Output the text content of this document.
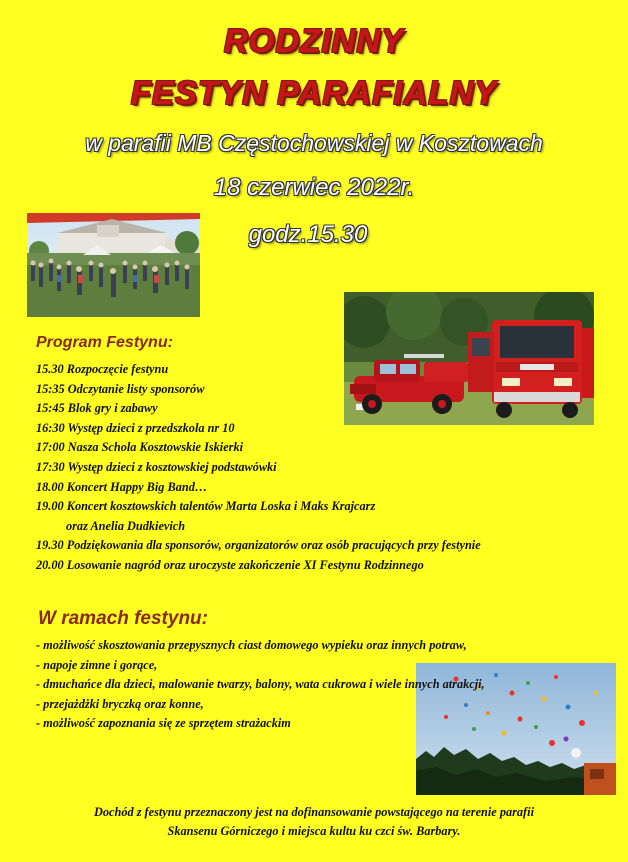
RODZINNY
FESTYN PARAFIALNY
w parafii MB Częstochowskiej w Kosztowach
18 czerwiec 2022r.
godz.15.30
Program Festynu:
15.30 Rozpoczęcie festynu
15:35 Odczytanie listy sponsorów
15:45 Blok gry i zabawy
16:30 Występ dzieci z przedszkola nr 10
17:00 Nasza Schola Kosztowskie Iskierki
17:30 Występ dzieci z kosztowskiej podstawówki
18.00 Koncert Happy Big Band…
19.00 Koncert kosztowskich talentów Marta Loska i Maks Krajcarz
oraz Anelia Dudkievich
19.30 Podziękowania dla sponsorów, organizatorów oraz osób pracujących przy festynie
20.00 Losowanie nagród oraz uroczyste zakończenie XI Festynu Rodzinnego
W ramach festynu:
- możliwość skosztowania przepysznych ciast domowego wypieku oraz innych potraw,
- napoje zimne i gorące,
- dmuchańce dla dzieci, malowanie twarzy, balony, wata cukrowa i wiele innych atrakcji,
- przejażdżki bryczką oraz konne,
- możliwość zapoznania się ze sprzętem strażackim
Dochód z festynu przeznaczony jest na dofinansowanie powstającego na terenie parafii
Skansenu Górniczego i miejsca kultu ku czci św. Barbary.
